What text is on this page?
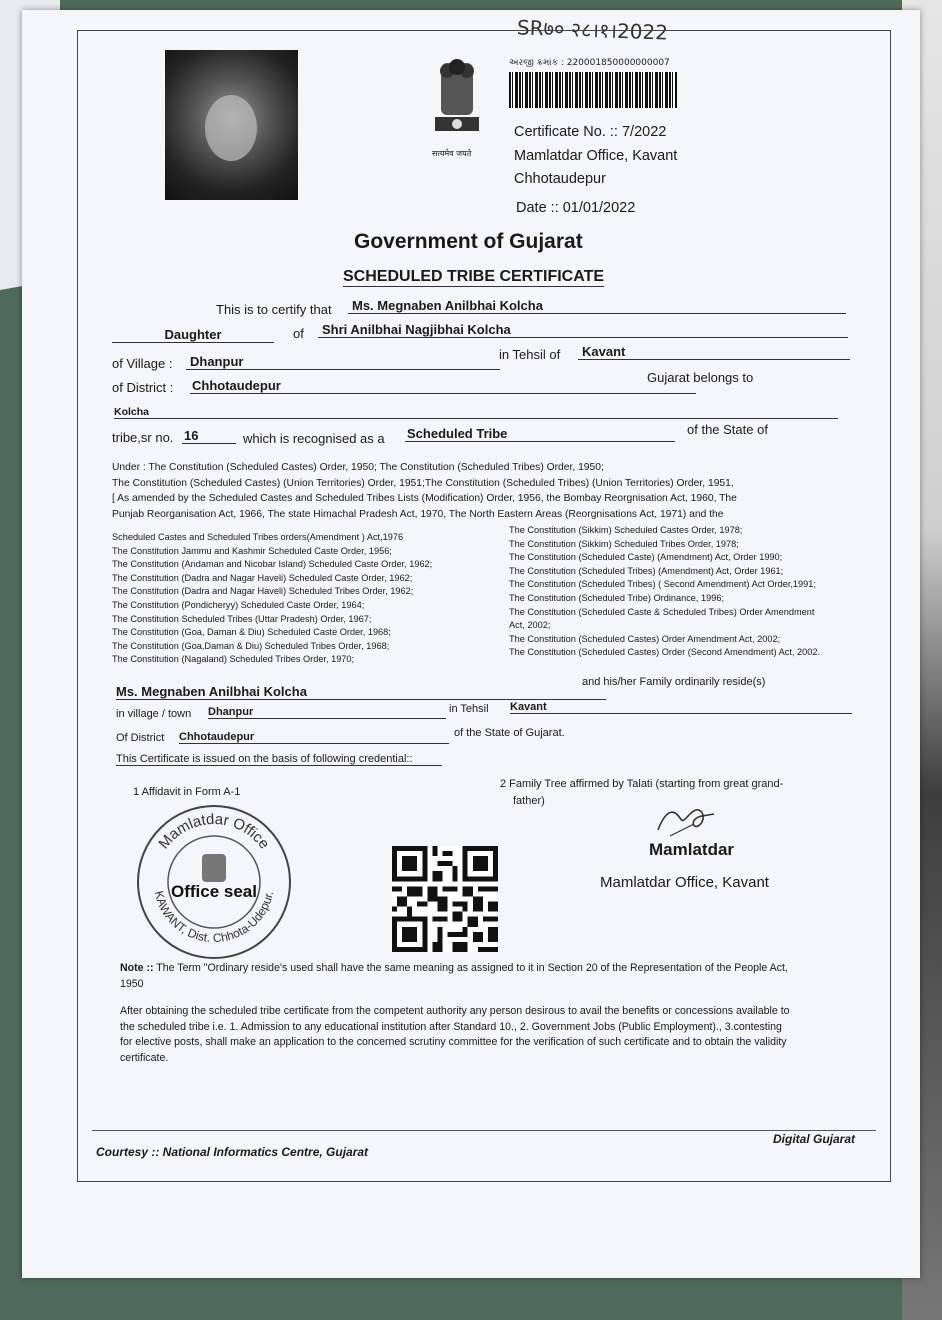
SR७० २८।१।2022
सत्यमेव जयते
અરજી ક્રમાંક : 220001850000000007
Certificate No. :: 7/2022
Mamlatdar Office, Kavant
Chhotaudepur
Date :: 01/01/2022
Government of Gujarat
SCHEDULED TRIBE CERTIFICATE
This is to certify that	Ms. Megnaben Anilbhai Kolcha
Daughter	of	Shri Anilbhai Nagjibhai Kolcha
of Village :	Dhanpur	in Tehsil of	Kavant
of District : Chhotaudepur
Gujarat belongs to
Kolcha
tribe,sr no. 16	which is recognised as a Scheduled Tribe	of the State of
Under : The Constitution (Scheduled Castes) Order, 1950; The Constitution (Scheduled Tribes) Order, 1950;
The Constitution (Scheduled Castes) (Union Territories) Order, 1951;The Constitution (Scheduled Tribes) (Union Territories) Order, 1951,
[ As amended by the Scheduled Castes and Scheduled Tribes Lists (Modification) Order, 1956, the Bombay Reorgnisation Act, 1960, The
Punjab Reorganisation Act, 1966, The state Himachal Pradesh Act, 1970, The North Eastern Areas (Reorgnisations Act, 1971) and the
Scheduled Castes and Scheduled Tribes orders(Amendment ) Act,1976
The Constitution Jammu and Kashmir Scheduled Caste Order, 1956;
The Constitution (Andaman and Nicobar Island) Scheduled Caste Order, 1962;
The Constitution (Dadra and Nagar Haveli) Scheduled Caste Order, 1962;
The Constitution (Dadra and Nagar Haveli) Scheduled Tribes Order, 1962;
The Constitution (Pondicheryy) Scheduled Caste Order, 1964;
The Constitution Scheduled Tribes (Uttar Pradesh) Order, 1967;
The Constitution (Goa, Daman & Diu) Scheduled Caste Order, 1968;
The Constitution (Goa,Daman & Diu) Scheduled Tribes Order, 1968;
The Constitution (Nagaland) Scheduled Tribes Order, 1970;
The Constitution (Sikkim) Scheduled Castes Order, 1978;
The Constitution (Sikkim) Scheduled Tribes Order, 1978;
The Constitution (Scheduled Caste) (Amendment) Act, Order 1990;
The Constitution (Scheduled Tribes) (Amendment) Act, Order 1961;
The Constitution (Scheduled Tribes) ( Second Amendment) Act Order,1991;
The Constitution (Scheduled Tribe) Ordinance, 1996;
The Constitution (Scheduled Caste & Scheduled Tribes) Order Amendment
Act, 2002;
The Constitution (Scheduled Castes) Order Amendment Act, 2002;
The Constitution (Scheduled Castes) Order (Second Amendment) Act, 2002.
Ms. Megnaben Anilbhai Kolcha
and his/her Family ordinarily reside(s)
in village / town Dhanpur	in Tehsil Kavant
Of District Chhotaudepur	of the State of Gujarat.
This Certificate is issued on the basis of following credential::
1 Affidavit in Form A-1
2 Family Tree affirmed by Talati (starting from great grand-
father)
Mamlatdar Office
KAWANT, Dist. Chhota-Udepur.
Office seal
Mamlatdar
Mamlatdar Office, Kavant
Note :: The Term "Ordinary reside's used shall have the same meaning as assigned to it in Section 20 of the Representation of the People Act,
1950
After obtaining the scheduled tribe certificate from the competent authority any person desirous to avail the benefits or concessions available to
the scheduled tribe i.e. 1. Admission to any educational institution after Standard 10., 2. Government Jobs (Public Employment)., 3.contesting
for elective posts, shall make an application to the concerned scrutiny committee for the verification of such certificate and to obtain the validity
certificate.
Courtesy :: National Informatics Centre, Gujarat
Digital Gujarat
